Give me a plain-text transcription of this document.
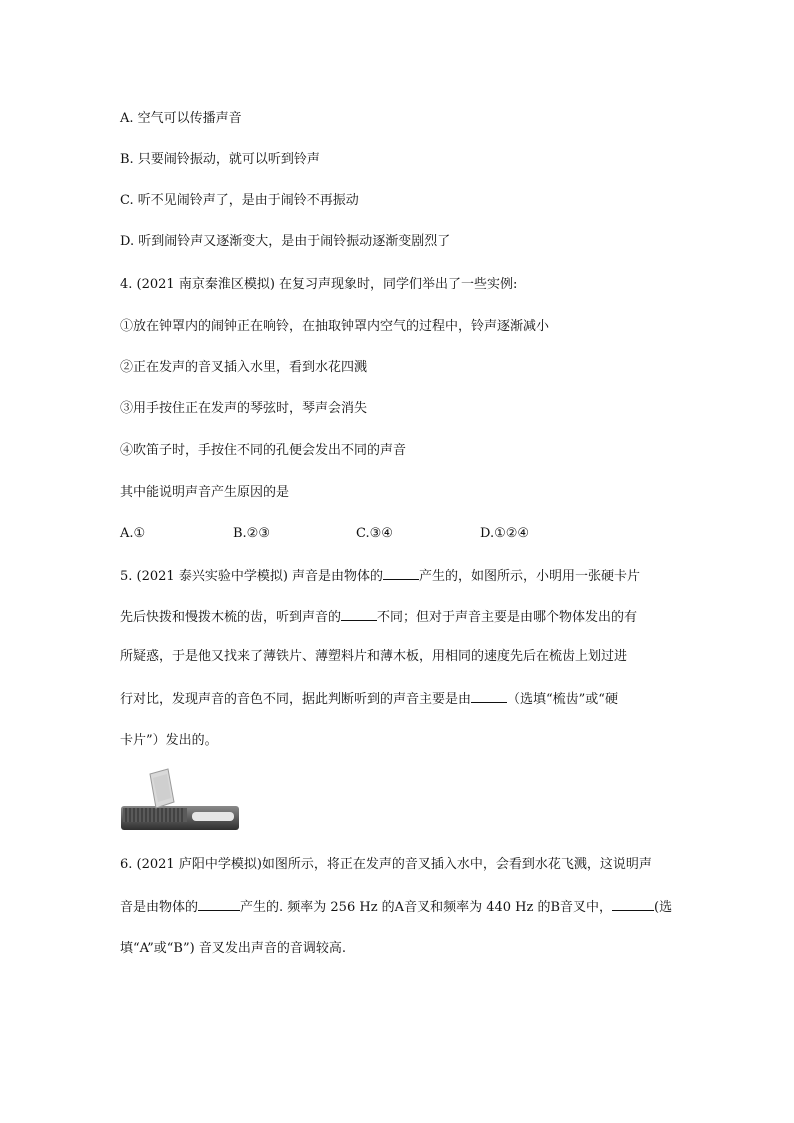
A. 空气可以传播声音
B. 只要闹铃振动，就可以听到铃声
C. 听不见闹铃声了，是由于闹铃不再振动
D. 听到闹铃声又逐渐变大，是由于闹铃振动逐渐变剧烈了
4. (2021 南京秦淮区模拟) 在复习声现象时，同学们举出了一些实例:
①放在钟罩内的闹钟正在响铃，在抽取钟罩内空气的过程中，铃声逐渐减小
②正在发声的音叉插入水里，看到水花四溅
③用手按住正在发声的琴弦时，琴声会消失
④吹笛子时，手按住不同的孔便会发出不同的声音
其中能说明声音产生原因的是
A.①	B.②③	C.③④	D.①②④
5. (2021 泰兴实验中学模拟) 声音是由物体的	产生的，如图所示，小明用一张硬卡片
先后快拨和慢拨木梳的齿，听到声音的	不同；但对于声音主要是由哪个物体发出的有
所疑惑，于是他又找来了薄铁片、薄塑料片和薄木板，用相同的速度先后在梳齿上划过进
行对比，发现声音的音色不同，据此判断听到的声音主要是由	（选填“梳齿”或“硬
卡片”）发出的。
6. (2021 庐阳中学模拟)如图所示，将正在发声的音叉插入水中，会看到水花飞溅，这说明声
音是由物体的	产生的. 频率为 256 Hz 的A音叉和频率为 440 Hz 的B音叉中，	(选
填“A”或“B”) 音叉发出声音的音调较高.
